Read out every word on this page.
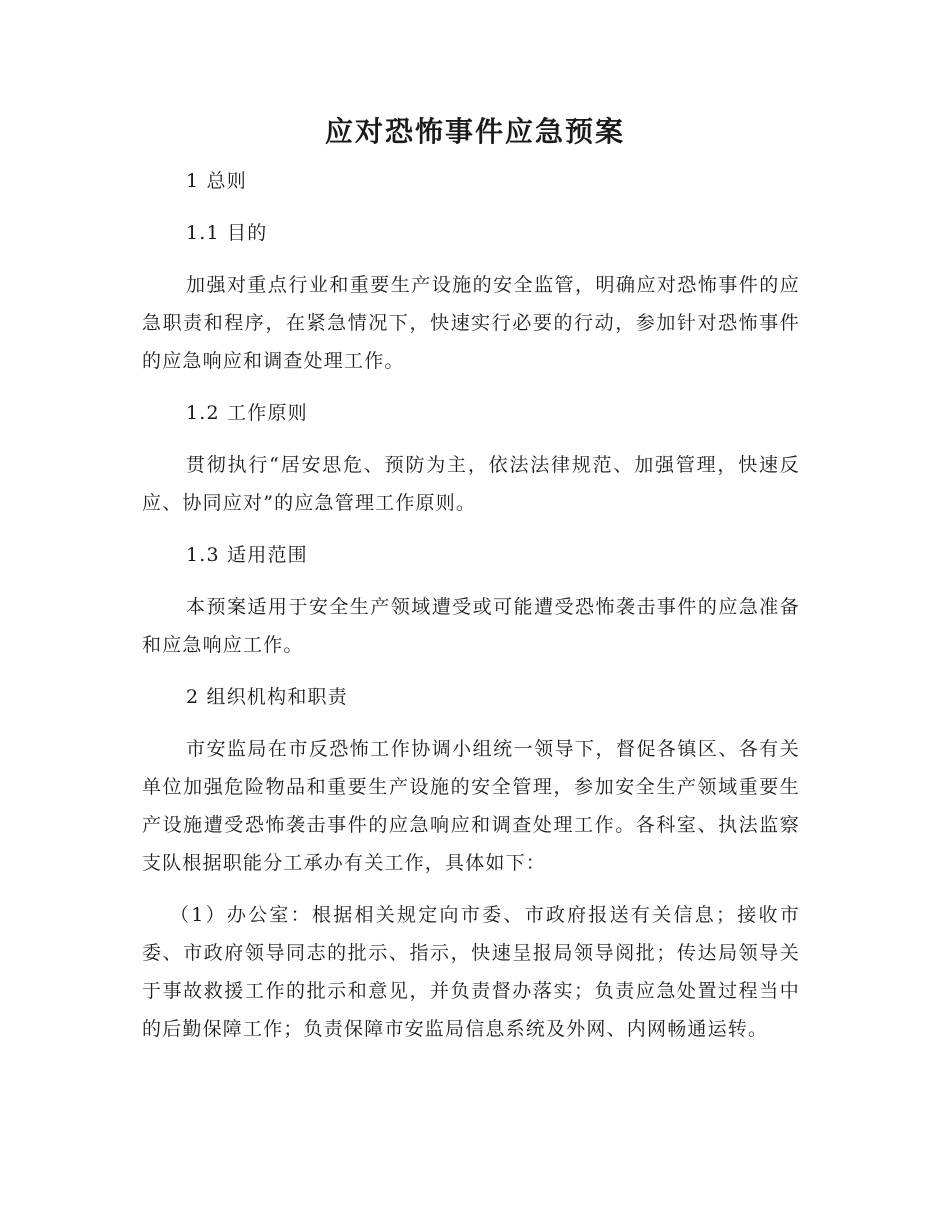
应对恐怖事件应急预案

1 总则

1.1 目的

加强对重点行业和重要生产设施的安全监管，明确应对恐怖事件的应急职责和程序，在紧急情况下，快速实行必要的行动，参加针对恐怖事件的应急响应和调查处理工作。

1.2 工作原则

贯彻执行“居安思危、预防为主，依法法律规范、加强管理，快速反应、协同应对”的应急管理工作原则。

1.3 适用范围

本预案适用于安全生产领域遭受或可能遭受恐怖袭击事件的应急准备和应急响应工作。

2 组织机构和职责

市安监局在市反恐怖工作协调小组统一领导下，督促各镇区、各有关单位加强危险物品和重要生产设施的安全管理，参加安全生产领域重要生产设施遭受恐怖袭击事件的应急响应和调查处理工作。各科室、执法监察支队根据职能分工承办有关工作，具体如下：

（1）办公室：根据相关规定向市委、市政府报送有关信息；接收市委、市政府领导同志的批示、指示，快速呈报局领导阅批；传达局领导关于事故救援工作的批示和意见，并负责督办落实；负责应急处置过程当中的后勤保障工作；负责保障市安监局信息系统及外网、内网畅通运转。
